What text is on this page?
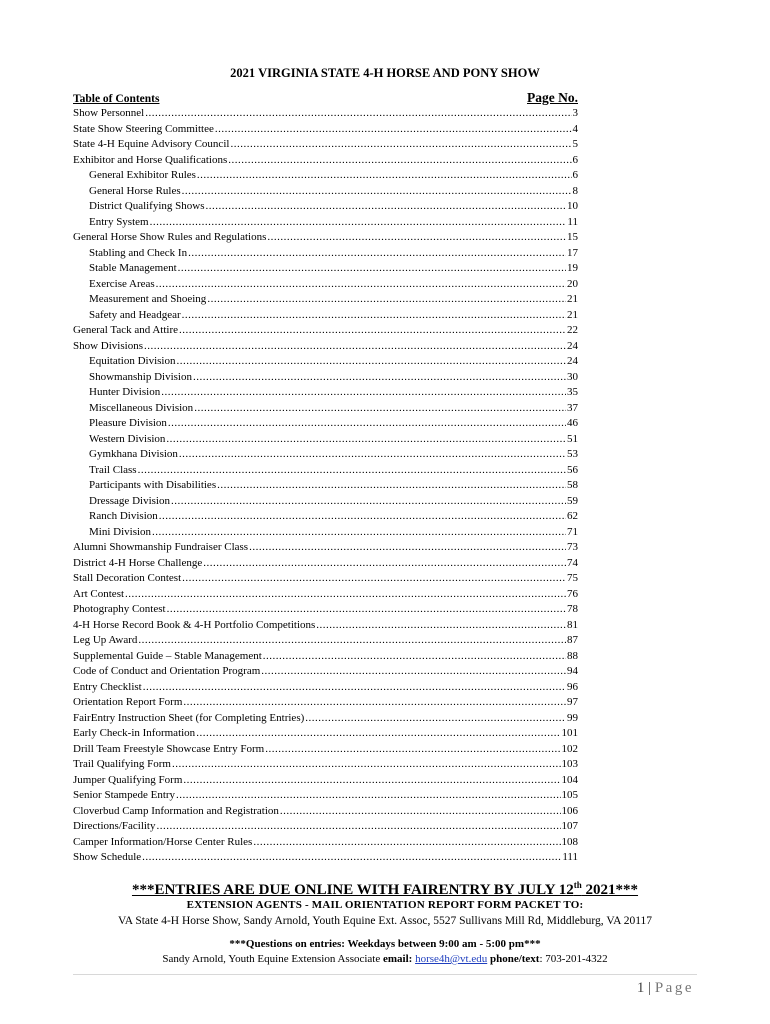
2021 VIRGINIA STATE 4-H HORSE AND PONY SHOW
Table of Contents	Page No.
Show Personnel .....	3
State Show Steering Committee .....	4
State 4-H Equine Advisory Council .....	5
Exhibitor and Horse Qualifications .....	6
General Exhibitor Rules .....	6
General Horse Rules .....	8
District Qualifying Shows .....	10
Entry System .....	11
General Horse Show Rules and Regulations .....	15
Stabling and Check In .....	17
Stable Management .....	19
Exercise Areas .....	20
Measurement and Shoeing .....	21
Safety and Headgear .....	21
General Tack and Attire .....	22
Show Divisions .....	24
Equitation Division .....	24
Showmanship Division .....	30
Hunter Division .....	35
Miscellaneous Division .....	37
Pleasure Division .....	46
Western Division .....	51
Gymkhana Division .....	53
Trail Class .....	56
Participants with Disabilities .....	58
Dressage Division .....	59
Ranch Division .....	62
Mini Division .....	71
Alumni Showmanship Fundraiser Class .....	73
District 4-H Horse Challenge .....	74
Stall Decoration Contest .....	75
Art Contest .....	76
Photography Contest .....	78
4-H Horse Record Book & 4-H Portfolio Competitions .....	81
Leg Up Award .....	87
Supplemental Guide – Stable Management .....	88
Code of Conduct and Orientation Program .....	94
Entry Checklist .....	96
Orientation Report Form .....	97
FairEntry Instruction Sheet (for Completing Entries) .....	99
Early Check-in Information .....	101
Drill Team Freestyle Showcase Entry Form .....	102
Trail Qualifying Form .....	103
Jumper Qualifying Form .....	104
Senior Stampede Entry .....	105
Cloverbud Camp Information and Registration .....	106
Directions/Facility .....	107
Camper Information/Horse Center Rules .....	108
Show Schedule .....	111
***ENTRIES ARE DUE ONLINE WITH FAIRENTRY BY JULY 12th 2021***
EXTENSION AGENTS - MAIL ORIENTATION REPORT FORM PACKET TO:
VA State 4-H Horse Show, Sandy Arnold, Youth Equine Ext. Assoc, 5527 Sullivans Mill Rd, Middleburg, VA 20117
***Questions on entries: Weekdays between 9:00 am - 5:00 pm***
Sandy Arnold, Youth Equine Extension Associate email: horse4h@vt.edu phone/text: 703-201-4322
1 | Page
